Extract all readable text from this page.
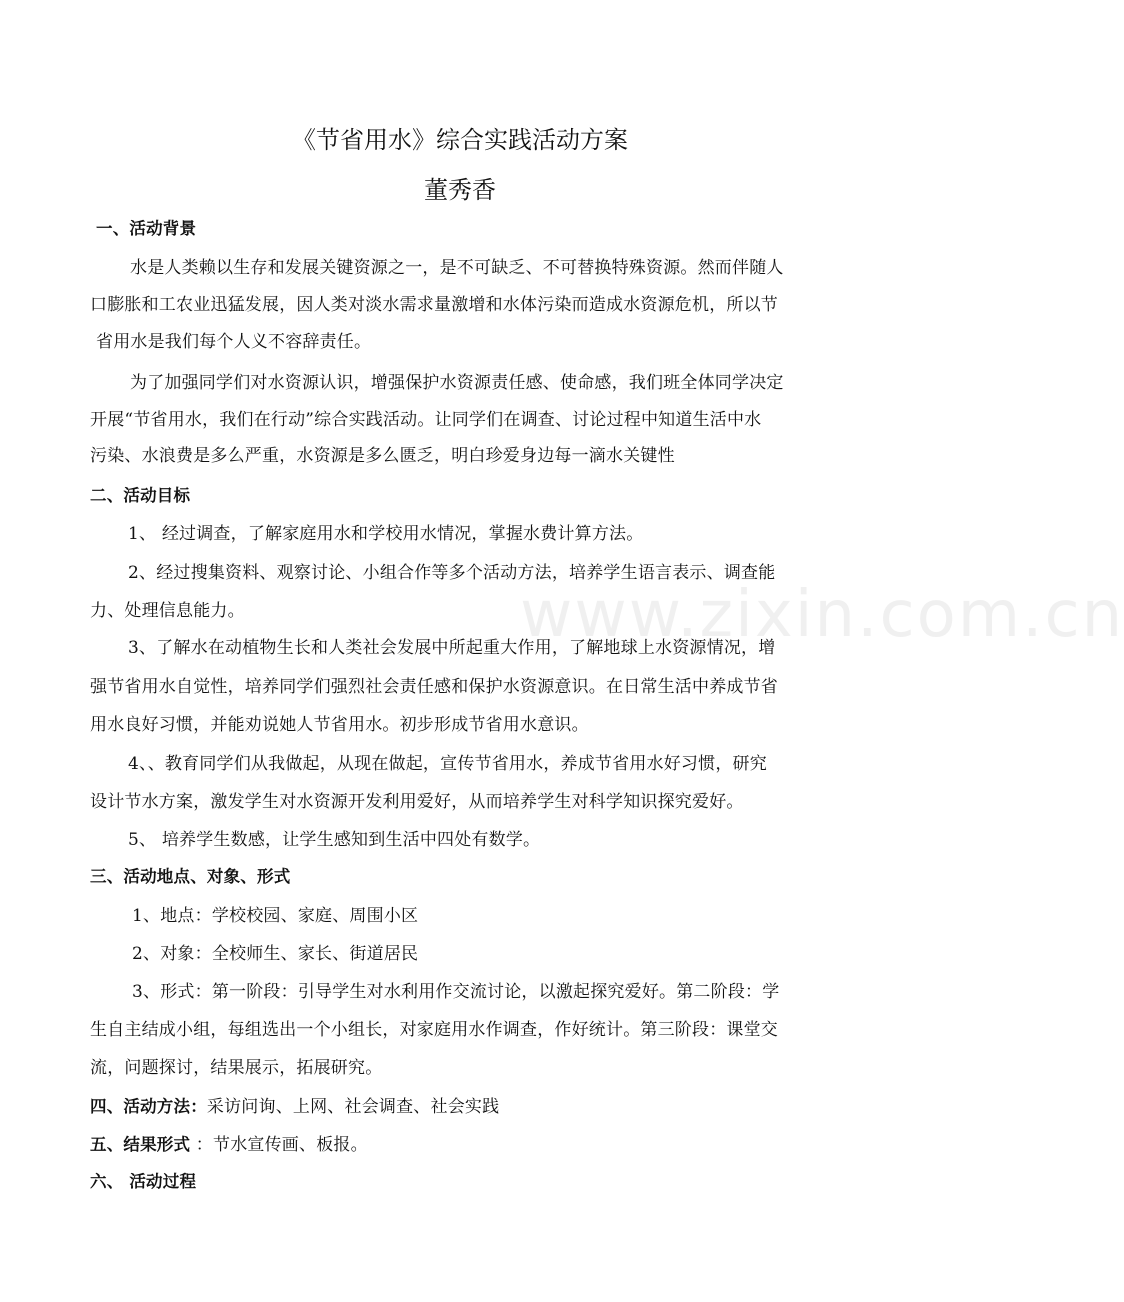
《节省用水》综合实践活动方案
董秀香
一、活动背景
水是人类赖以生存和发展关键资源之一，是不可缺乏、不可替换特殊资源。然而伴随人
口膨胀和工农业迅猛发展，因人类对淡水需求量激增和水体污染而造成水资源危机，所以节
省用水是我们每个人义不容辞责任。
为了加强同学们对水资源认识，增强保护水资源责任感、使命感，我们班全体同学决定
开展“节省用水，我们在行动”综合实践活动。让同学们在调查、讨论过程中知道生活中水
污染、水浪费是多么严重，水资源是多么匮乏，明白珍爱身边每一滴水关键性
二、活动目标
1、 经过调查，了解家庭用水和学校用水情况，掌握水费计算方法。
2、经过搜集资料、观察讨论、小组合作等多个活动方法，培养学生语言表示、调查能
力、处理信息能力。
3、了解水在动植物生长和人类社会发展中所起重大作用，了解地球上水资源情况，增
强节省用水自觉性，培养同学们强烈社会责任感和保护水资源意识。在日常生活中养成节省
用水良好习惯，并能劝说她人节省用水。初步形成节省用水意识。
4、、教育同学们从我做起，从现在做起，宣传节省用水，养成节省用水好习惯，研究
设计节水方案，激发学生对水资源开发利用爱好，从而培养学生对科学知识探究爱好。
5、 培养学生数感，让学生感知到生活中四处有数学。
三、活动地点、对象、形式
1、地点：学校校园、家庭、周围小区
2、对象：全校师生、家长、街道居民
3、形式：第一阶段：引导学生对水利用作交流讨论，以激起探究爱好。第二阶段：学
生自主结成小组，每组选出一个小组长，对家庭用水作调查，作好统计。第三阶段：课堂交
流，问题探讨，结果展示，拓展研究。
四、活动方法：采访问询、上网、社会调查、社会实践
五、结果形式 ：节水宣传画、板报。
六、 活动过程
www.zixin.com.cn
